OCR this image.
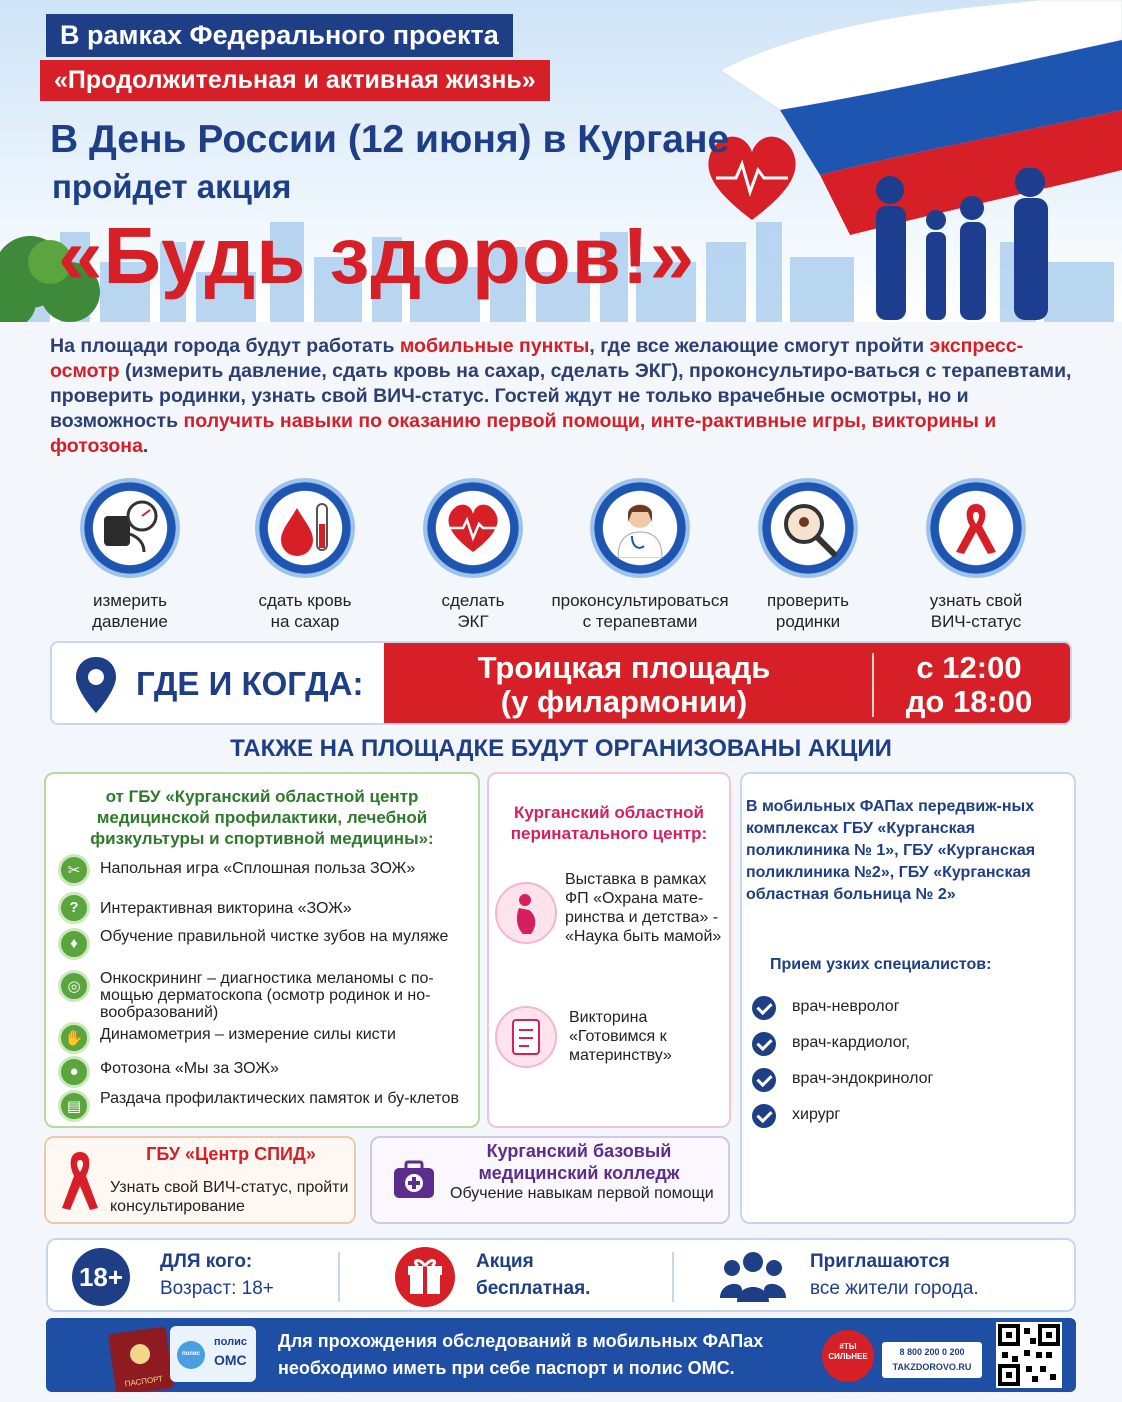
В рамках Федерального проекта
«Продолжительная и активная жизнь»
В День России (12 июня) в Кургане
пройдет акция
«Будь здоров!»
На площади города будут работать мобильные пункты, где все желающие смогут пройти экспресс-осмотр (измерить давление, сдать кровь на сахар, сделать ЭКГ), проконсультиро-ваться с терапевтами, проверить родинки, узнать свой ВИЧ-статус. Гостей ждут не только врачебные осмотры, но и возможность получить навыки по оказанию первой помощи, инте-рактивные игры, викторины и фотозона.
измерить
давление
сдать кровь
на сахар
сделать
ЭКГ
проконсультироваться
с терапевтами
проверить
родинки
узнать свой
ВИЧ-статус
ГДЕ И КОГДА:	Троицкая площадь
(у филармонии)
с 12:00
до 18:00
ТАКЖЕ НА ПЛОЩАДКЕ БУДУТ ОРГАНИЗОВАНЫ АКЦИИ
от ГБУ «Курганский областной центр медицинской профилактики, лечебной физкультуры и спортивной медицины»:
✂	Напольная игра «Сплошная польза ЗОЖ»
?	Интерактивная викторина «ЗОЖ»
♦	Обучение правильной чистке зубов на муляже
◎	Онкоскрининг – диагностика меланомы с по-мощью дерматоскопа (осмотр родинок и но-вообразований)
✋ Динамометрия – измерение силы кисти
●	Фотозона «Мы за ЗОЖ»
▤	Раздача профилактических памяток и бу-клетов
Курганский областной перинатального центр:
Выставка в рамках ФП «Охрана мате-ринства и детства» - «Наука быть мамой»
Викторина «Готовимся к материнству»
В мобильных ФАПах передвиж-ных комплексах ГБУ «Курганская поликлиника № 1», ГБУ «Курганская поликлиника №2», ГБУ «Курганская областная больница № 2»
Прием узких специалистов:
врач-невролог
врач-кардиолог,
врач-эндокринолог
хирург
ГБУ «Центр СПИД»
Узнать свой ВИЧ-статус, пройти консультирование
Курганский базовый медицинский колледж
Обучение навыкам первой помощи
18+
ДЛЯ кого:
Возраст: 18+
Акция
бесплатная.
Приглашаются
все жители города.
ПАСПОРТ
полис
полис
ОМС
Для прохождения обследований в мобильных ФАПах
необходимо иметь при себе паспорт и полис ОМС.
#ТЫ СИЛЬНЕЕ	8 800 200 0 200
TAKZDOROVO.RU
